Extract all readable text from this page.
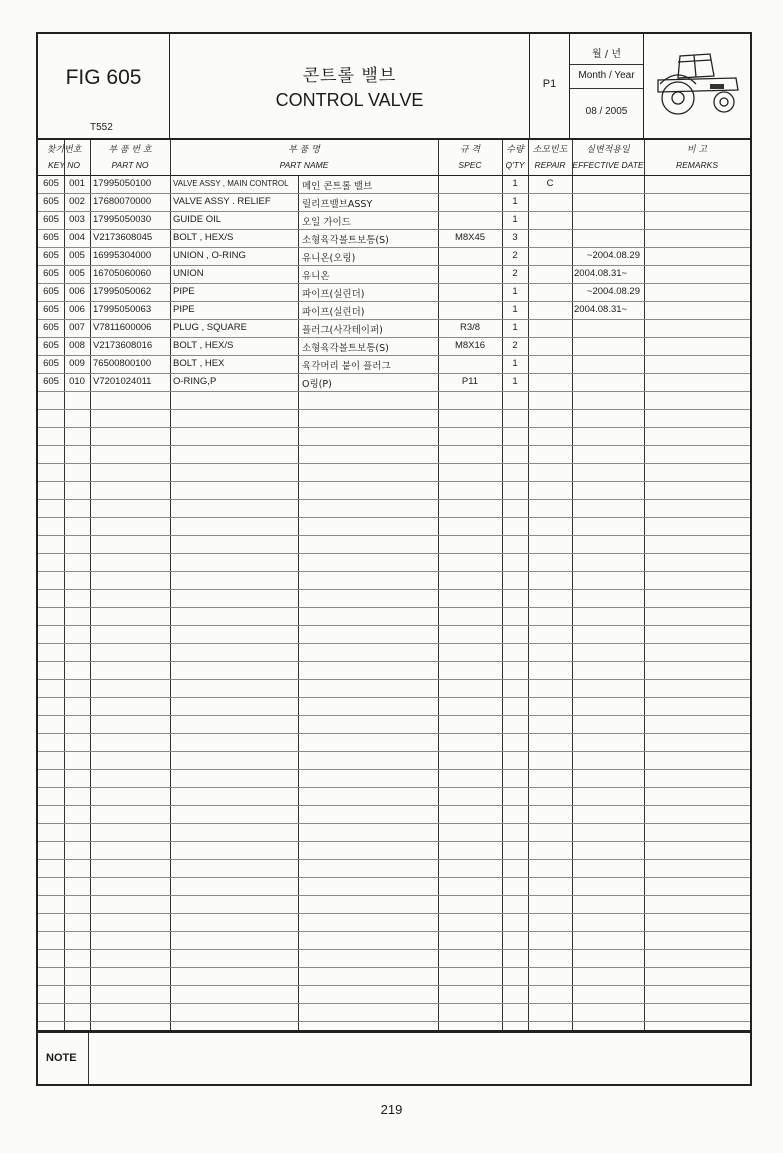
FIG 605
T552
콘트롤 밸브
CONTROL VALVE
P1
월 / 년
Month / Year
08 / 2005
찾기번호
KEY NO
부 품 번 호
PART NO
부 품 명
PART NAME
규 격
SPEC
수량
Q'TY
소모빈도
REPAIR
실변적용일
EFFECTIVE DATE
비 고
REMARKS
605	001 17995050100	VALVE ASSY , MAIN CONTROL	메인 콘트롤 밸브	1	C
605	002 17680070000	VALVE ASSY . RELIEF	릴리프밸브ASSY	1
605	003 17995050030	GUIDE OIL	오일 가이드	1
605	004 V2173608045	BOLT , HEX/S	소형육각볼트보통(S)	M8X45	3
605	005 16995304000	UNION , O-RING	유니온(오링)	2	~2004.08.29
605	005 16705060060	UNION	유니온	2	2004.08.31~
605	006 17995050062	PIPE	파이프(실린더)	1	~2004.08.29
605	006 17995050063	PIPE	파이프(실린더)	1	2004.08.31~
605	007 V7811600006	PLUG , SQUARE	플러그(사각테이퍼)	R3/8	1
605	008 V2173608016	BOLT , HEX/S	소형육각볼트보통(S)	M8X16	2
605	009 76500800100	BOLT , HEX	육각머리 붙이 플러그	1
605	010 V7201024011	O-RING,P	O링(P)	P11	1
NOTE
219
